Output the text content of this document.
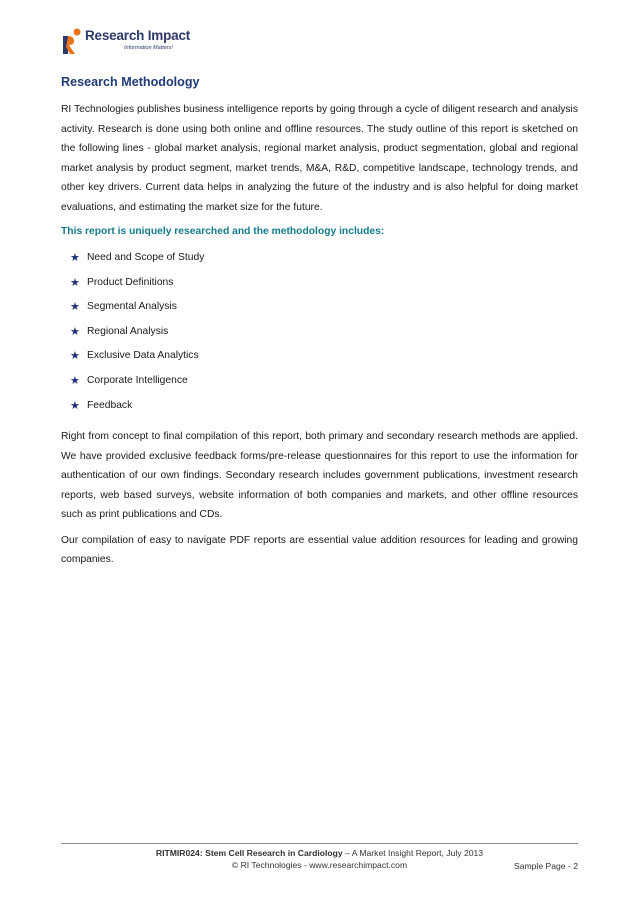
Research Impact
Information Matters!
Research Methodology

RI Technologies publishes business intelligence reports by going through a cycle of diligent research and analysis activity. Research is done using both online and offline resources. The study outline of this report is sketched on the following lines - global market analysis, regional market analysis, product segmentation, global and regional market analysis by product segment, market trends, M&A, R&D, competitive landscape, technology trends, and other key drivers. Current data helps in analyzing the future of the industry and is also helpful for doing market evaluations, and estimating the market size for the future.

This report is uniquely researched and the methodology includes:
★ Need and Scope of Study
★ Product Definitions
★ Segmental Analysis
★ Regional Analysis
★ Exclusive Data Analytics
★ Corporate Intelligence
★ Feedback

Right from concept to final compilation of this report, both primary and secondary research methods are applied. We have provided exclusive feedback forms/pre-release questionnaires for this report to use the information for authentication of our own findings. Secondary research includes government publications, investment research reports, web based surveys, website information of both companies and markets, and other offline resources such as print publications and CDs.

Our compilation of easy to navigate PDF reports are essential value addition resources for leading and growing companies.

RITMIR024: Stem Cell Research in Cardiology – A Market Insight Report, July 2013
© RI Technologies - www.researchimpact.com	Sample Page - 2
